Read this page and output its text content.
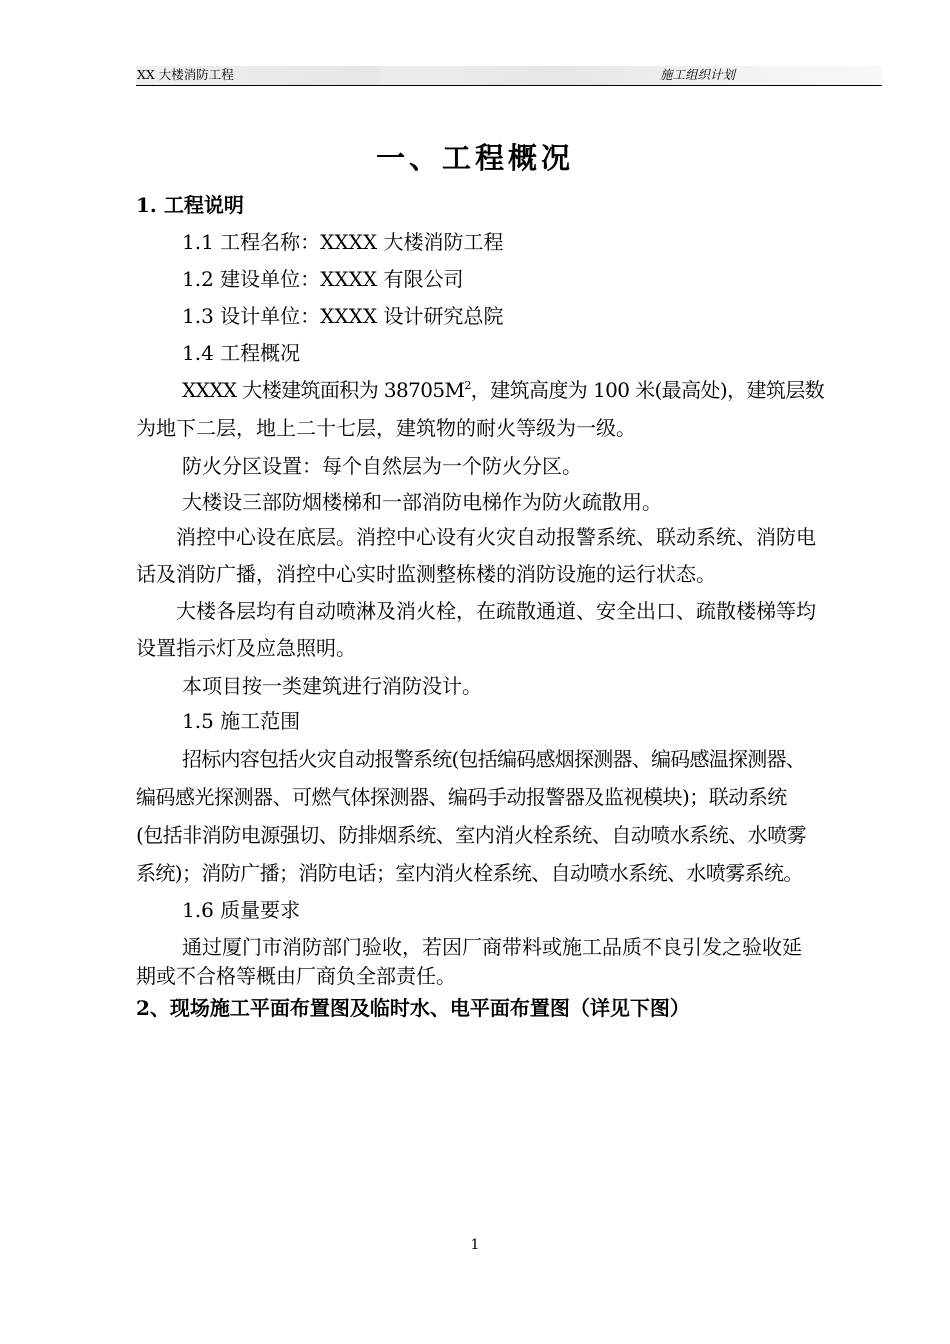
XX 大楼消防工程	施工组织计划
一、工程概况
1. 工程说明
1.1 工程名称：XXXX 大楼消防工程
1.2 建设单位：XXXX 有限公司
1.3 设计单位：XXXX 设计研究总院
1.4 工程概况
XXXX 大楼建筑面积为 $38705M^2$，建筑高度为 100 米(最高处)，建筑层数
为地下二层，地上二十七层，建筑物的耐火等级为一级。
防火分区设置：每个自然层为一个防火分区。
大楼设三部防烟楼梯和一部消防电梯作为防火疏散用。
消控中心设在底层。消控中心设有火灾自动报警系统、联动系统、消防电
话及消防广播，消控中心实时监测整栋楼的消防设施的运行状态。
大楼各层均有自动喷淋及消火栓，在疏散通道、安全出口、疏散楼梯等均
设置指示灯及应急照明。
本项目按一类建筑进行消防没计。
1.5 施工范围
招标内容包括火灾自动报警系统(包括编码感烟探测器、编码感温探测器、
编码感光探测器、可燃气体探测器、编码手动报警器及监视模块)；联动系统
(包括非消防电源强切、防排烟系统、室内消火栓系统、自动喷水系统、水喷雾
系统)；消防广播；消防电话；室内消火栓系统、自动喷水系统、水喷雾系统。
1.6 质量要求
通过厦门市消防部门验收，若因厂商带料或施工品质不良引发之验收延
期或不合格等概由厂商负全部责任。
2、现场施工平面布置图及临时水、电平面布置图（详见下图）
1
